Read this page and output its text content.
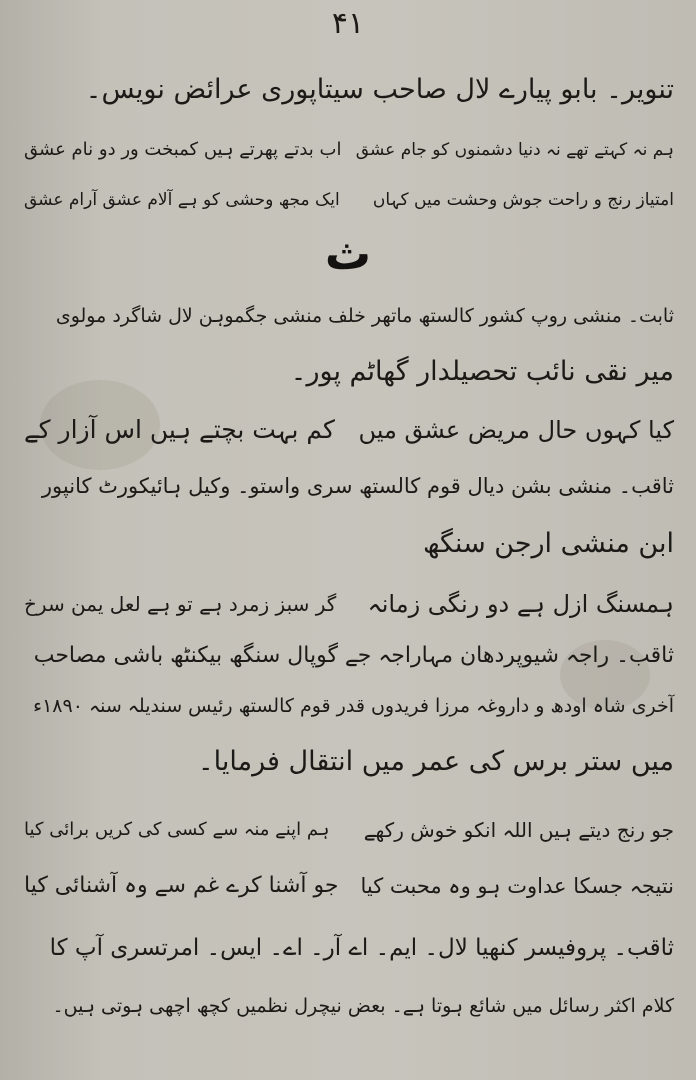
۴۱
تنویر۔ بابو پیارے لال صاحب سیتاپوری عرائض نویس۔
ہم نہ کہتے تھے نہ دنیا دشمنوں کو جام عشق
اب بدتے پھرتے ہیں کمبخت ور دو نام عشق
امتیاز رنج و راحت جوش وحشت میں کہاں
ایک مجھ وحشی کو ہے آلام عشق آرام عشق
ث
ثابت۔ منشی روپ کشور کالستھ ماتھر خلف منشی جگموہن لال شاگرد مولوی
میر نقی نائب تحصیلدار گھاٹم پور۔
کیا کہوں حال مریض عشق میں
کم بہت بچتے ہیں اس آزار کے
ثاقب۔ منشی بشن دیال قوم کالستھ سری واستو۔ وکیل ہائیکورٹ کانپور
ابن منشی ارجن سنگھ
ہمسنگ ازل ہے دو رنگی زمانہ
گر سبز زمرد ہے تو ہے لعل یمن سرخ
ثاقب۔ راجہ شیوپردھان مہاراجہ جے گوپال سنگھ بیکنٹھ باشی مصاحب
آخری شاہ اودھ و داروغہ مرزا فریدوں قدر قوم کالستھ رئیس سندیلہ سنہ ۱۸۹۰ء
میں ستر برس کی عمر میں انتقال فرمایا۔
جو رنج دیتے ہیں اللہ انکو خوش رکھے
ہم اپنے منہ سے کسی کی کریں برائی کیا
نتیجہ جسکا عداوت ہو وہ محبت کیا
جو آشنا کرے غم سے وہ آشنائی کیا
ثاقب۔ پروفیسر کنھیا لال۔ ایم۔ اے آر۔ اے۔ ایس۔ امرتسری آپ کا
کلام اکثر رسائل میں شائع ہوتا ہے۔ بعض نیچرل نظمیں کچھ اچھی ہوتی ہیں۔
